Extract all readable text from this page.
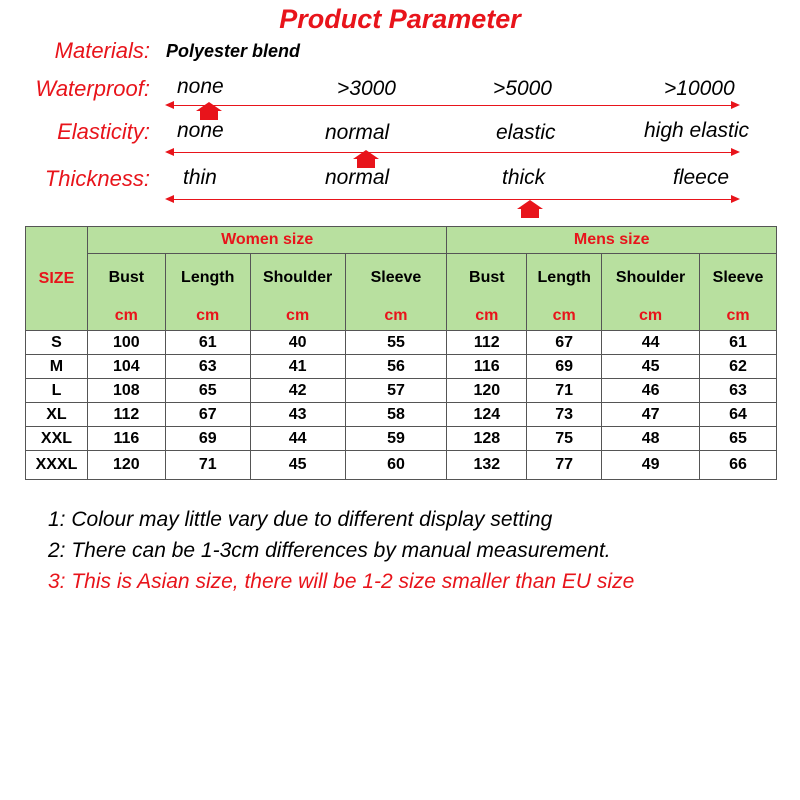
Product Parameter
Materials: Polyester blend
Waterproof: none	>3000	>5000	>10000
Elasticity: none	normal	elastic	high elastic
Thickness: thin	normal	thick	fleece
SIZE	Women size				Mens size			
	Bust	Length	Shoulder	Sleeve	Bust	Length	Shoulder	Sleeve
	cm	cm	cm	cm	cm	cm	cm	cm
S	100	61	40	55	112	67	44	61
M	104	63	41	56	116	69	45	62
L	108	65	42	57	120	71	46	63
XL	112	67	43	58	124	73	47	64
XXL	116	69	44	59	128	75	48	65
XXXL	120	71	45	60	132	77	49	66
1: Colour may little vary due to different display setting
2: There can be 1-3cm differences by manual measurement.
3: This is Asian size, there will be 1-2 size smaller than EU size
